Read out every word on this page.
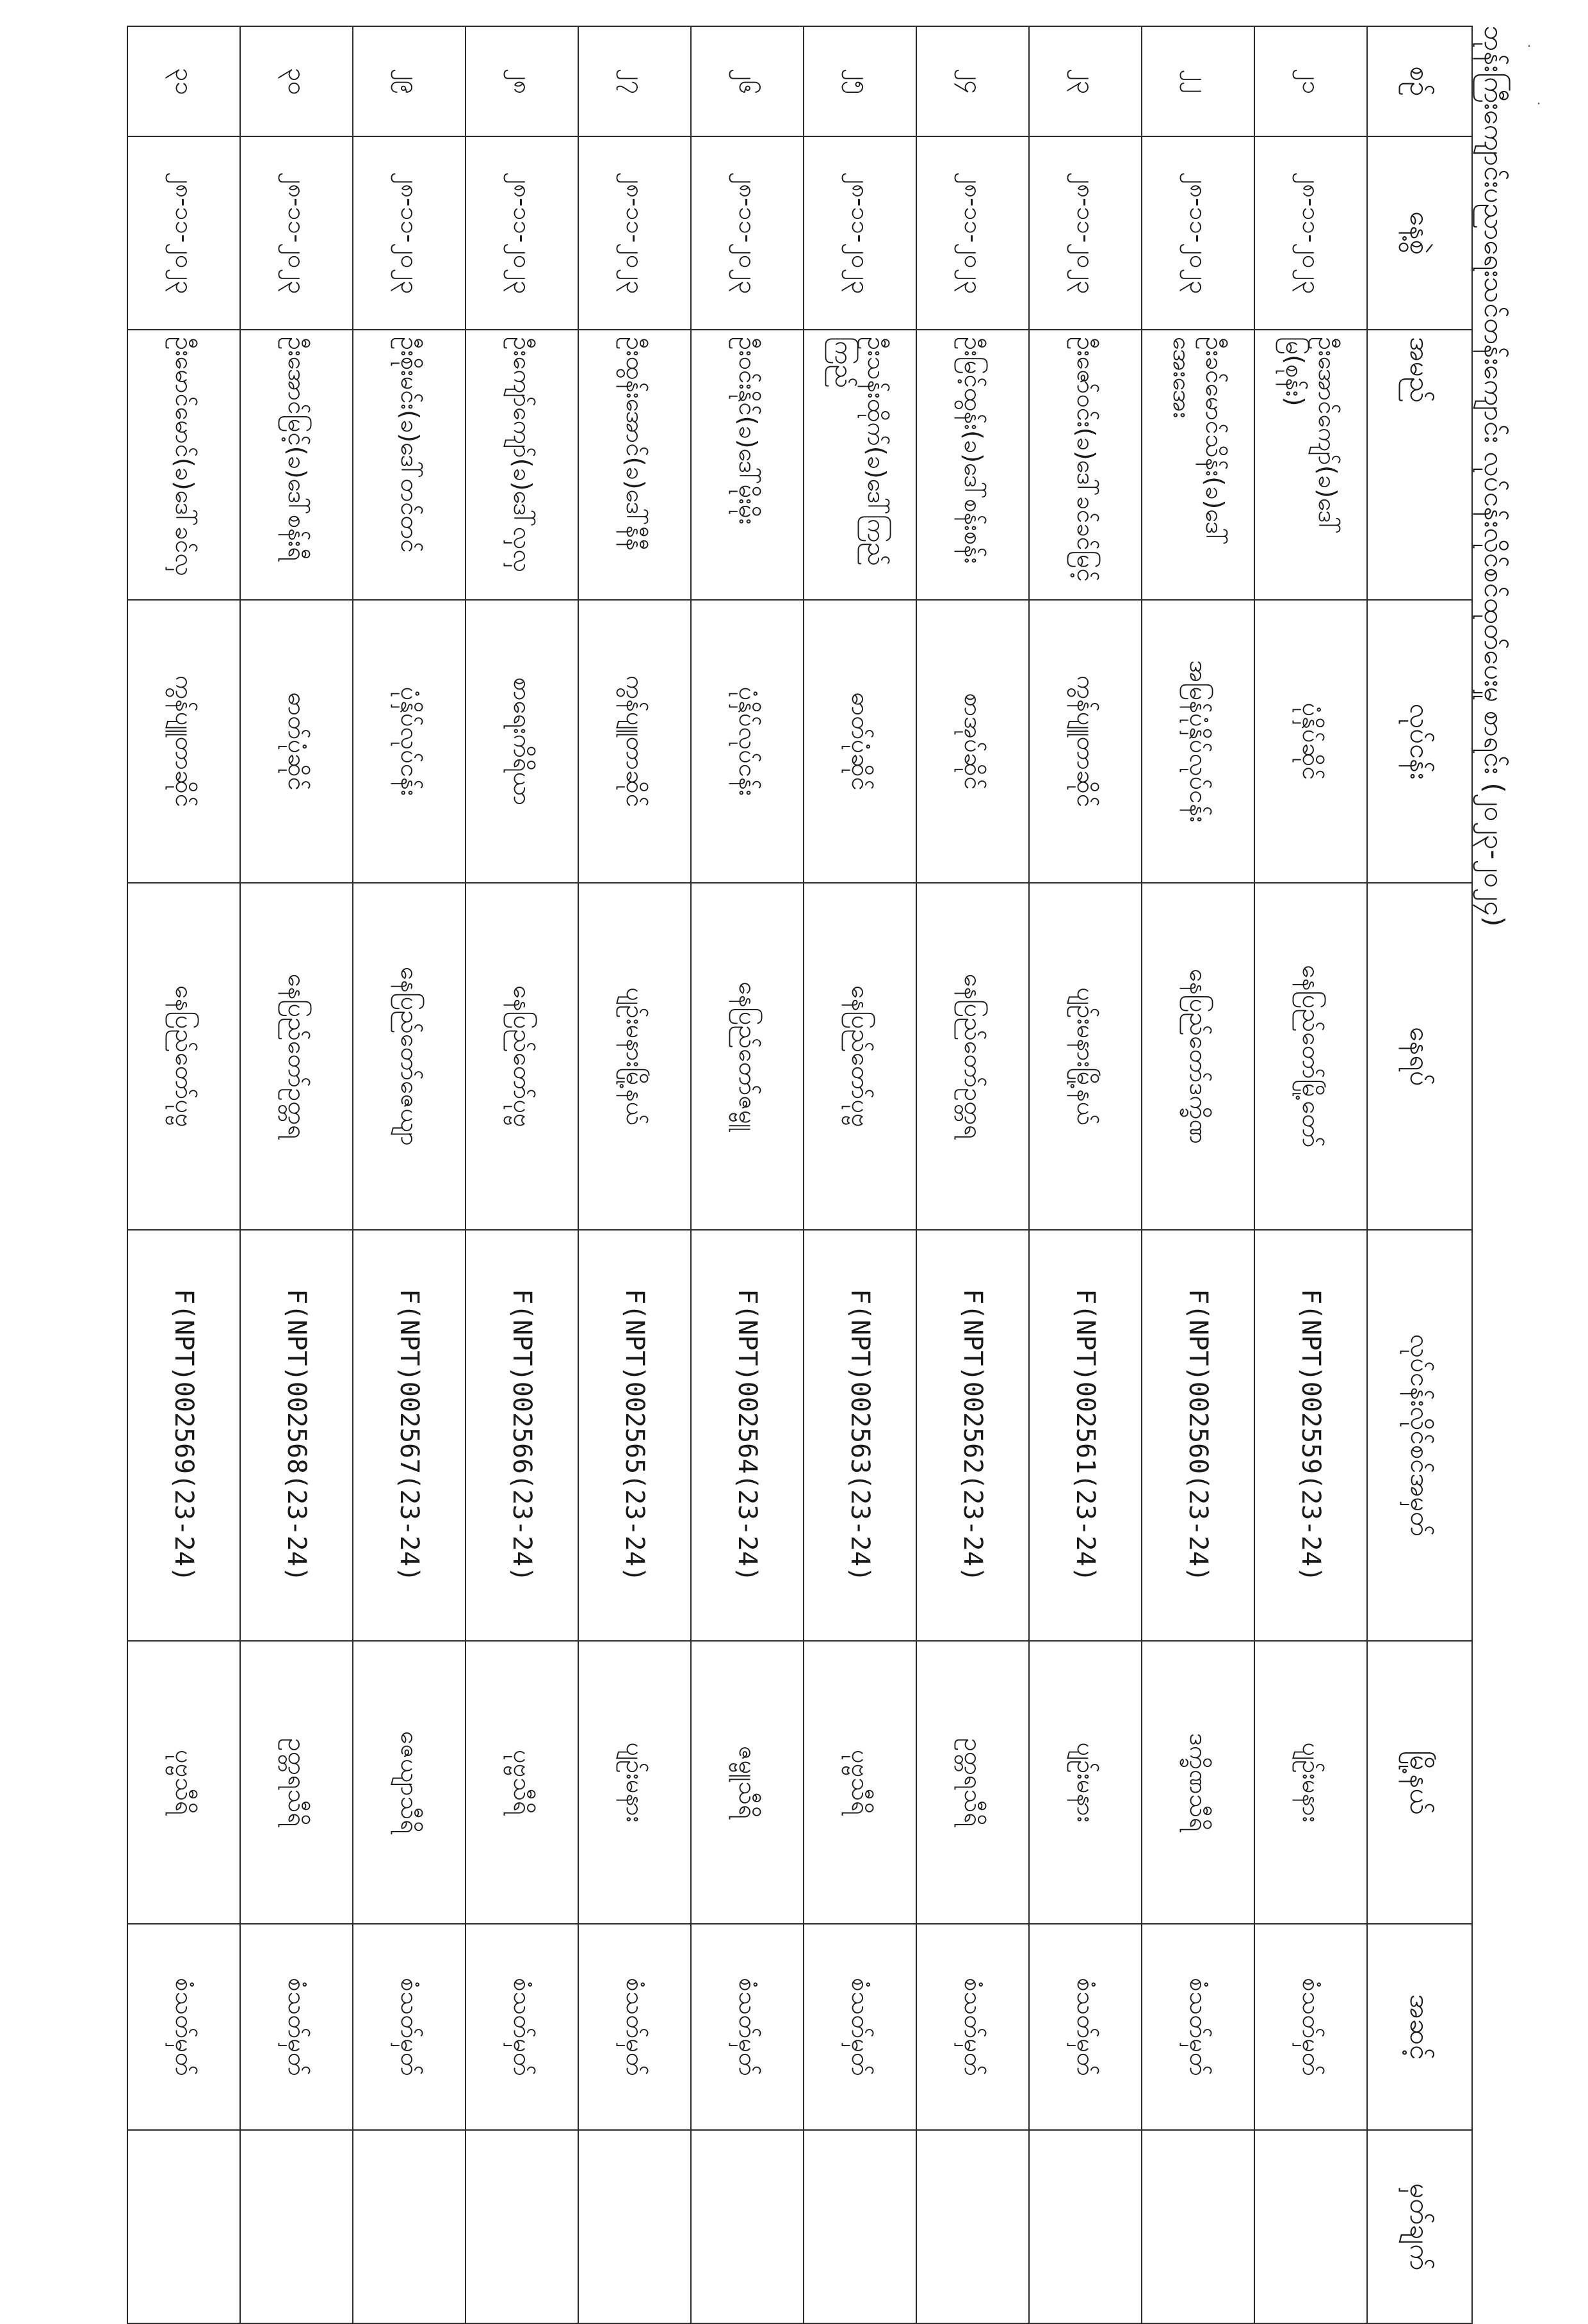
ဘုန်းကြီးကျောင်းပညာရေးသင်တန်းကျောင်း လုပ်ငန်းလိုင်စင်ထုတ်ပေးမှု စာရင်း (၂၀၂၃-၂၀၂၄)
စဉ်	နေ့စွဲ	အမည်	လုပ်ငန်း	နေရပ်	လုပ်ငန်းလိုင်စင်အမှတ်	မြို့နယ်	အဆင့်	မှတ်ချက်
၂၁	၂၈-၁၁-၂၀၂၃	ဦးအောင်ကျော်(ခ)ဒေါ်မြ(စုန်း)	ပုံနှိပ်ဆိုင်	နေပြည်တော်မြို့တော်	F(NPT)002559(23-24)	ပျဉ်းမနား	စံသတ်မှတ်	
၂၂	၂၈-၁၁-၂၀၂၃	ဦးခင်မောင်သိန်း(ခ)ဒေါ်အေးအေး	အမြန်ပုံနှိပ်လုပ်ငန်း	နေပြည်တော်ဒက္ခိဏ	F(NPT)002560(23-24)	ဒက္ခိဏသီရိ	စံသတ်မှတ်	
၂၃	၂၈-၁၁-၂၀၂၃	ဦးဇော်ဝင်း(ခ)ဒေါ်ခင်ခင်မြင့်	ကွန်ပျူတာဆိုင်	ပျဉ်းမနားမြို့နယ်	F(NPT)002561(23-24)	ပျဉ်းမနား	စံသတ်မှတ်	
၂၄	၂၈-၁၁-၂၀၂၃	ဦးမြင့်ထွန်း(ခ)ဒေါ်စန်းစန်း	စာအုပ်ဆိုင်	နေပြည်တော်ဥတ္တရ	F(NPT)002562(23-24)	ဥတ္တရသီရိ	စံသတ်မှတ်	
၂၅	၂၈-၁၁-၂၀၂၃	ဦးသန်းထိုက်(ခ)ဒေါ်ကြည်ကြည်	ဓာတ်ပုံဆိုင်	နေပြည်တော်ပုဗ္ဗ	F(NPT)002563(23-24)	ပုဗ္ဗသီရိ	စံသတ်မှတ်	
၂၆	၂၈-၁၁-၂၀၂၃	ဦးဝင်းနိုင်(ခ)ဒေါ်မိုးမိုး	ပုံနှိပ်လုပ်ငန်း	နေပြည်တော်ဇမ္ဗူ	F(NPT)002564(23-24)	ဇမ္ဗူသီရိ	စံသတ်မှတ်	
၂၇	၂၈-၁၁-၂၀၂၃	ဦးထွန်းအောင်(ခ)ဒေါ်နီနီ	ကွန်ပျူတာဆိုင်	ပျဉ်းမနားမြို့နယ်	F(NPT)002565(23-24)	ပျဉ်းမနား	စံသတ်မှတ်	
၂၈	၂၈-၁၁-၂၀၂၃	ဦးကျော်ကျော်(ခ)ဒေါ်လှလှ	စာရေးကိရိယာ	နေပြည်တော်ပုဗ္ဗ	F(NPT)002566(23-24)	ပုဗ္ဗသီရိ	စံသတ်မှတ်	
၂၉	၂၈-၁၁-၂၀၂၃	ဦးစိုးမင်း(ခ)ဒေါ်တင်တင်	ပုံနှိပ်လုပ်ငန်း	နေပြည်တော်ဇေယျာ	F(NPT)002567(23-24)	ဇေယျာသီရိ	စံသတ်မှတ်	
၃၀	၂၈-၁၁-၂၀၂၃	ဦးအောင်မြင့်(ခ)ဒေါ်စန်းရီ	ဓာတ်ပုံဆိုင်	နေပြည်တော်ဥတ္တရ	F(NPT)002568(23-24)	ဥတ္တရသီရိ	စံသတ်မှတ်	
၃၁	၂၈-၁၁-၂၀၂၃	ဦးမောင်မောင်(ခ)ဒေါ်ခင်လှ	ကွန်ပျူတာဆိုင်	နေပြည်တော်ပုဗ္ဗ	F(NPT)002569(23-24)	ပုဗ္ဗသီရိ	စံသတ်မှတ်	
·
·
